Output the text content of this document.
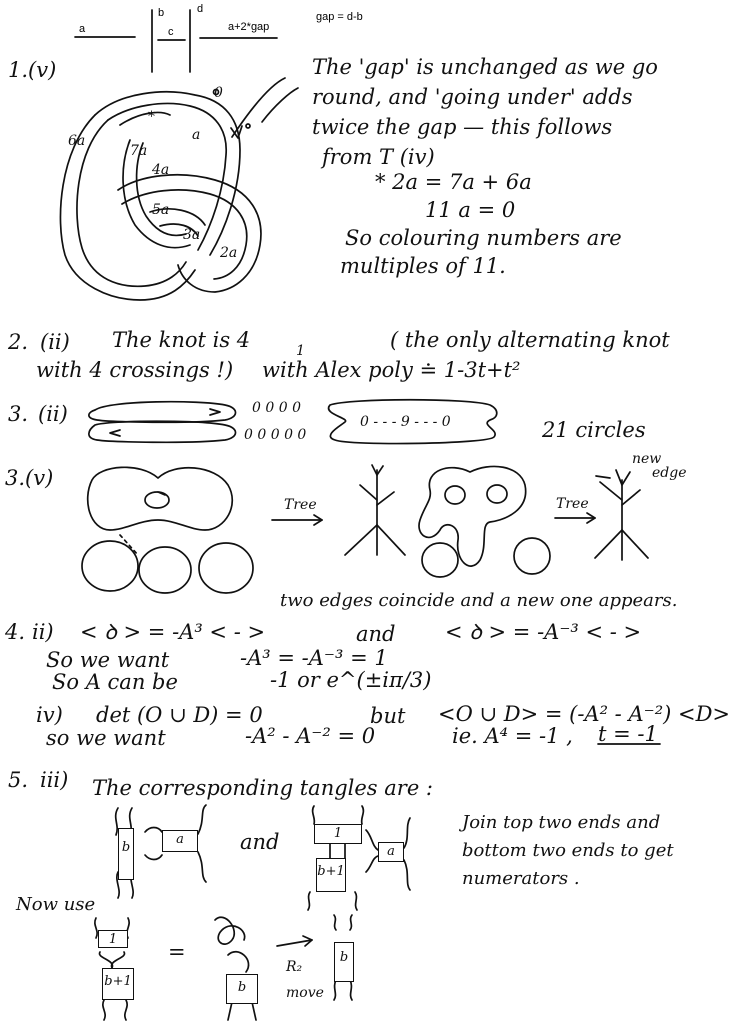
a
b
c
d
a+2*gap
gap = d-b
1.(v)	The 'gap' is unchanged as we go
round, and 'going under' adds
twice the gap — this follows
from T (iv)
* 2a = 7a + 6a
11 a = 0
So colouring numbers are
multiples of 11.
6a
*
7a
a
4a
5a
3a
2a
0
2. (ii) The knot is 4	1	( the only alternating knot
with 4 crossings !) with Alex poly ≐ 1-3t+t²
3. (ii)	0 0 0 0
0 0 0 0 0
0 - - - 9 - - - 0	21 circles
3.(v)
Tree	Tree
new
edge
two edges coincide and a new one appears.
4. ii) < ꝺ > = -A³ < - >	and < ꝺ > = -A⁻³ < - >
So we want	-A³ = -A⁻³ = 1
So A can be	-1 or e^(±iπ/3)
iv) det (O ∪ D) = 0	but <O ∪ D> = (-A² - A⁻²) <D>
so we want	-A² - A⁻² = 0	ie. A⁴ = -1 , t = -1
5. iii) The corresponding tangles are :
b
a	and	1
b+1
a
Join top two ends and
bottom two ends to get
numerators .
Now use
1
b+1
=
b
R₂
move
b
